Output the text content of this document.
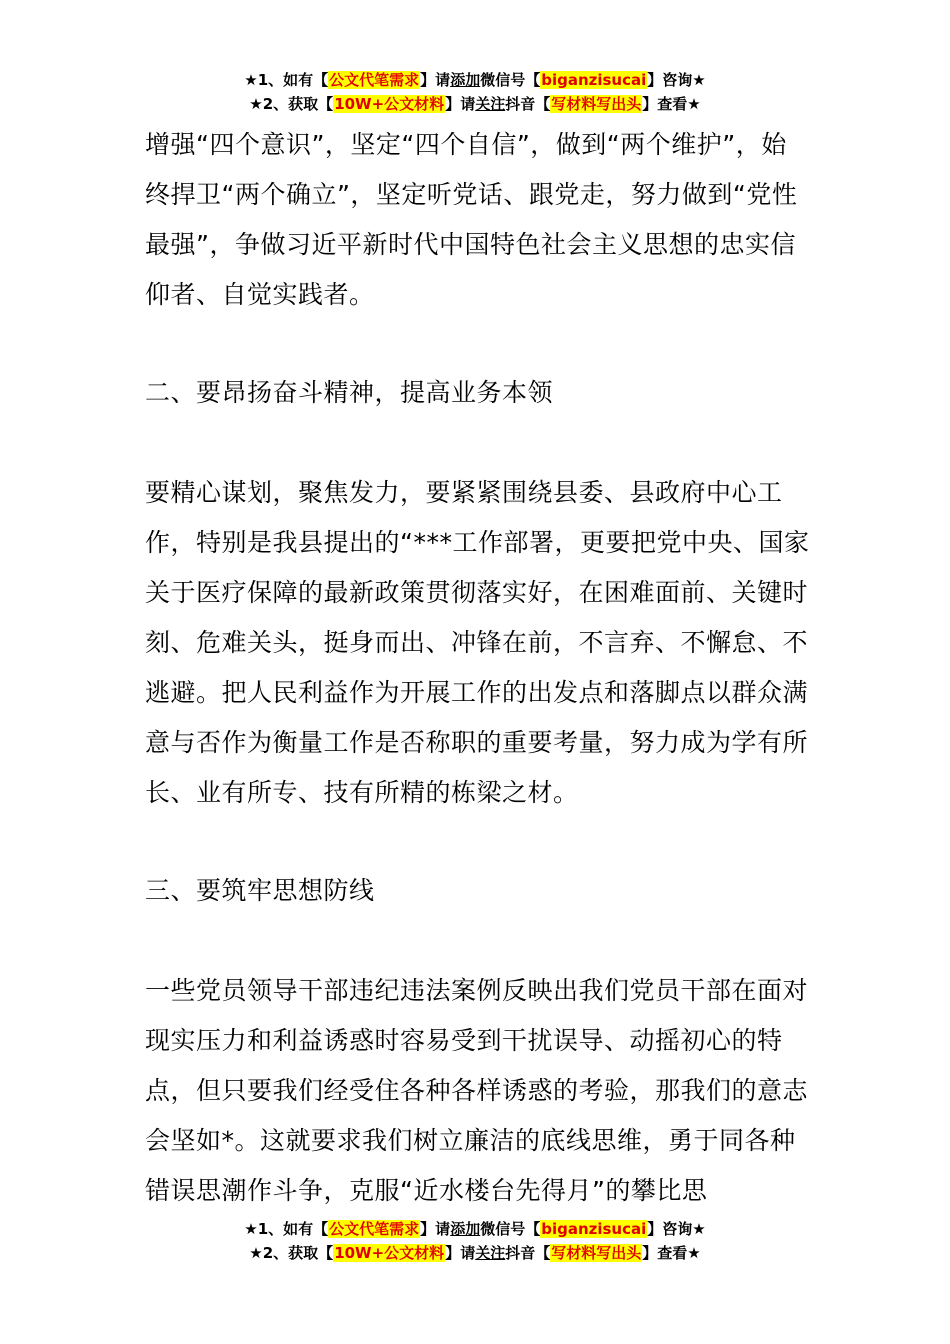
★1、如有【公文代笔需求】请添加微信号【biganzisucai】咨询★
★2、获取【10W+公文材料】请关注抖音【写材料写出头】查看★

增强“四个意识”，坚定“四个自信”，做到“两个维护”，始终捍卫“两个确立”，坚定听党话、跟党走，努力做到“党性最强”，争做习近平新时代中国特色社会主义思想的忠实信仰者、自觉实践者。

二、要昂扬奋斗精神，提高业务本领

要精心谋划，聚焦发力，要紧紧围绕县委、县政府中心工作，特别是我县提出的“***工作部署，更要把党中央、国家关于医疗保障的最新政策贯彻落实好，在困难面前、关键时刻、危难关头，挺身而出、冲锋在前，不言弃、不懈怠、不逃避。把人民利益作为开展工作的出发点和落脚点以群众满意与否作为衡量工作是否称职的重要考量，努力成为学有所长、业有所专、技有所精的栋梁之材。

三、要筑牢思想防线

一些党员领导干部违纪违法案例反映出我们党员干部在面对现实压力和利益诱惑时容易受到干扰误导、动摇初心的特点，但只要我们经受住各种各样诱惑的考验，那我们的意志会坚如*。这就要求我们树立廉洁的底线思维，勇于同各种错误思潮作斗争，克服“近水楼台先得月”的攀比思

★1、如有【公文代笔需求】请添加微信号【biganzisucai】咨询★
★2、获取【10W+公文材料】请关注抖音【写材料写出头】查看★
